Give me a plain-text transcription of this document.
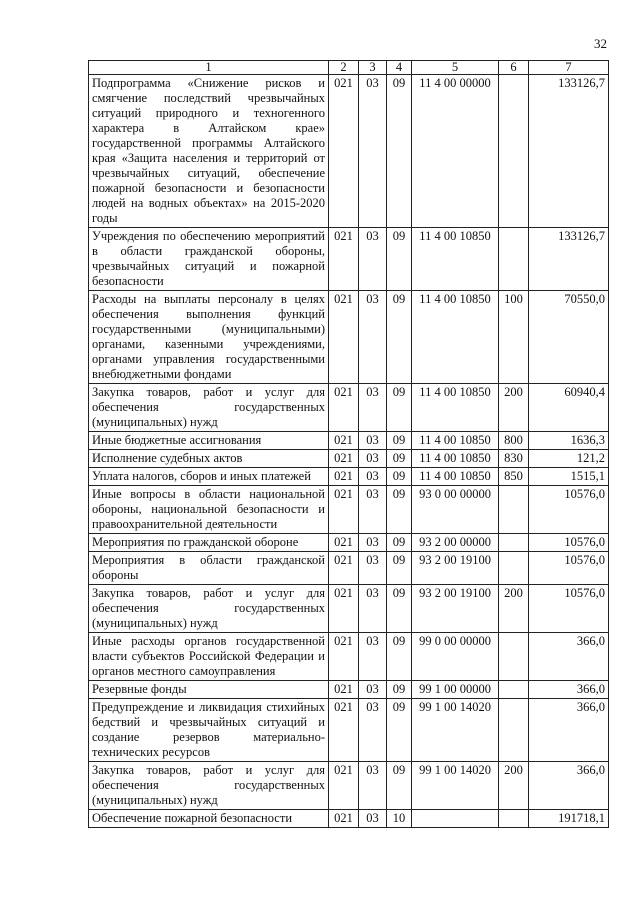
32
1	2	3	4	5	6	7
Подпрограмма «Снижение рисков и смягчение последствий чрезвычайных ситуаций природного и техногенного характера в Алтайском крае» государственной программы Алтайского края «Защита населения и территорий от чрезвычайных ситуаций, обеспечение пожарной безопасности и безопасности людей на водных объектах» на 2015-2020 годы	021	03	09	11 4 00 00000		133126,7
Учреждения по обеспечению мероприятий в области гражданской обороны, чрезвычайных ситуаций и пожарной безопасности	021	03	09	11 4 00 10850		133126,7
Расходы на выплаты персоналу в целях обеспечения выполнения функций государственными (муниципальными) органами, казенными учреждениями, органами управления государственными внебюджетными фондами	021	03	09	11 4 00 10850	100	70550,0
Закупка товаров, работ и услуг для обеспечения государственных (муниципальных) нужд	021	03	09	11 4 00 10850	200	60940,4
Иные бюджетные ассигнования	021	03	09	11 4 00 10850	800	1636,3
Исполнение судебных актов	021	03	09	11 4 00 10850	830	121,2
Уплата налогов, сборов и иных платежей	021	03	09	11 4 00 10850	850	1515,1
Иные вопросы в области национальной обороны, национальной безопасности и правоохранительной деятельности	021	03	09	93 0 00 00000		10576,0
Мероприятия по гражданской обороне	021	03	09	93 2 00 00000		10576,0
Мероприятия в области гражданской обороны	021	03	09	93 2 00 19100		10576,0
Закупка товаров, работ и услуг для обеспечения государственных (муниципальных) нужд	021	03	09	93 2 00 19100	200	10576,0
Иные расходы органов государственной власти субъектов Российской Федерации и органов местного самоуправления	021	03	09	99 0 00 00000		366,0
Резервные фонды	021	03	09	99 1 00 00000		366,0
Предупреждение и ликвидация стихийных бедствий и чрезвычайных ситуаций и создание резервов материально-технических ресурсов	021	03	09	99 1 00 14020		366,0
Закупка товаров, работ и услуг для обеспечения государственных (муниципальных) нужд	021	03	09	99 1 00 14020	200	366,0
Обеспечение пожарной безопасности	021	03	10			191718,1
